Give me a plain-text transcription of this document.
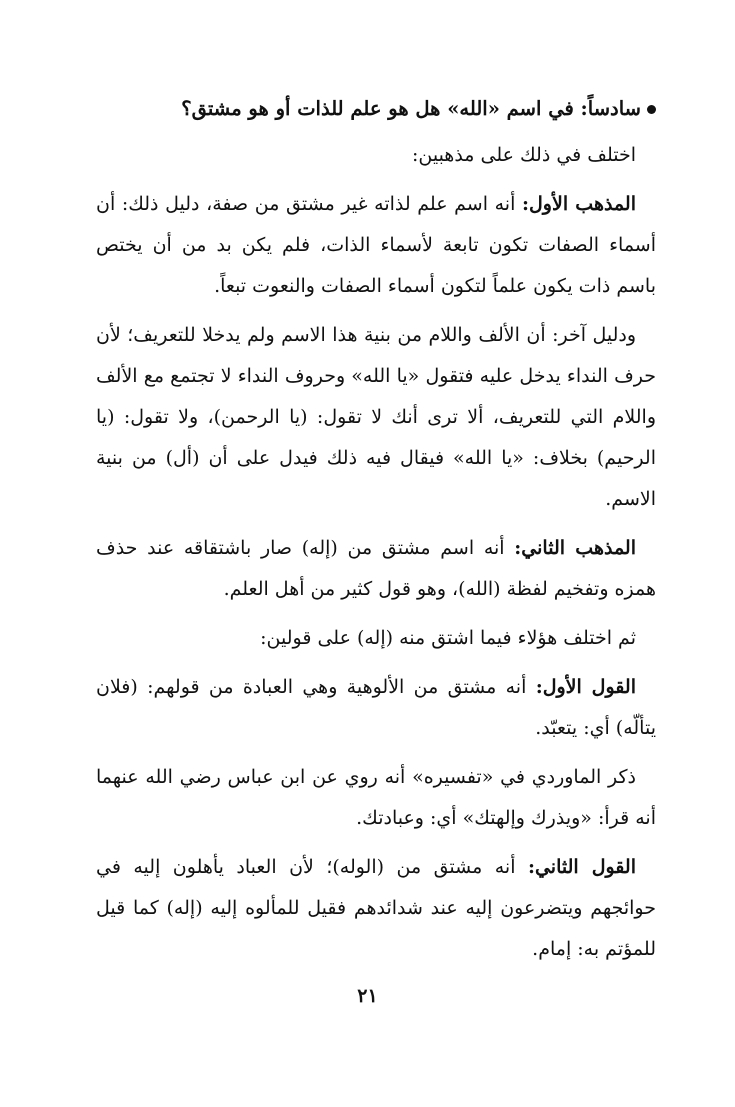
سادساً: في اسم «الله» هل هو علم للذات أو هو مشتق؟

اختلف في ذلك على مذهبين:

المذهب الأول: أنه اسم علم لذاته غير مشتق من صفة، دليل ذلك: أن أسماء الصفات تكون تابعة لأسماء الذات، فلم يكن بد من أن يختص باسم ذات يكون علماً لتكون أسماء الصفات والنعوت تبعاً.

ودليل آخر: أن الألف واللام من بنية هذا الاسم ولم يدخلا للتعريف؛ لأن حرف النداء يدخل عليه فتقول «يا الله» وحروف النداء لا تجتمع مع الألف واللام التي للتعريف، ألا ترى أنك لا تقول: (يا الرحمن)، ولا تقول: (يا الرحيم) بخلاف: «يا الله» فيقال فيه ذلك فيدل على أن (أل) من بنية الاسم.

المذهب الثاني: أنه اسم مشتق من (إله) صار باشتقاقه عند حذف همزه وتفخيم لفظة (الله)، وهو قول كثير من أهل العلم.

ثم اختلف هؤلاء فيما اشتق منه (إله) على قولين:

القول الأول: أنه مشتق من الألوهية وهي العبادة من قولهم: (فلان يتألّه) أي: يتعبّد.

ذكر الماوردي في «تفسيره» أنه روي عن ابن عباس رضي الله عنهما أنه قرأ: «ويذرك وإلهتك» أي: وعبادتك.

القول الثاني: أنه مشتق من (الوله)؛ لأن العباد يأهلون إليه في حوائجهم ويتضرعون إليه عند شدائدهم فقيل للمألوه إليه (إله) كما قيل للمؤتم به: إمام.

٢١
